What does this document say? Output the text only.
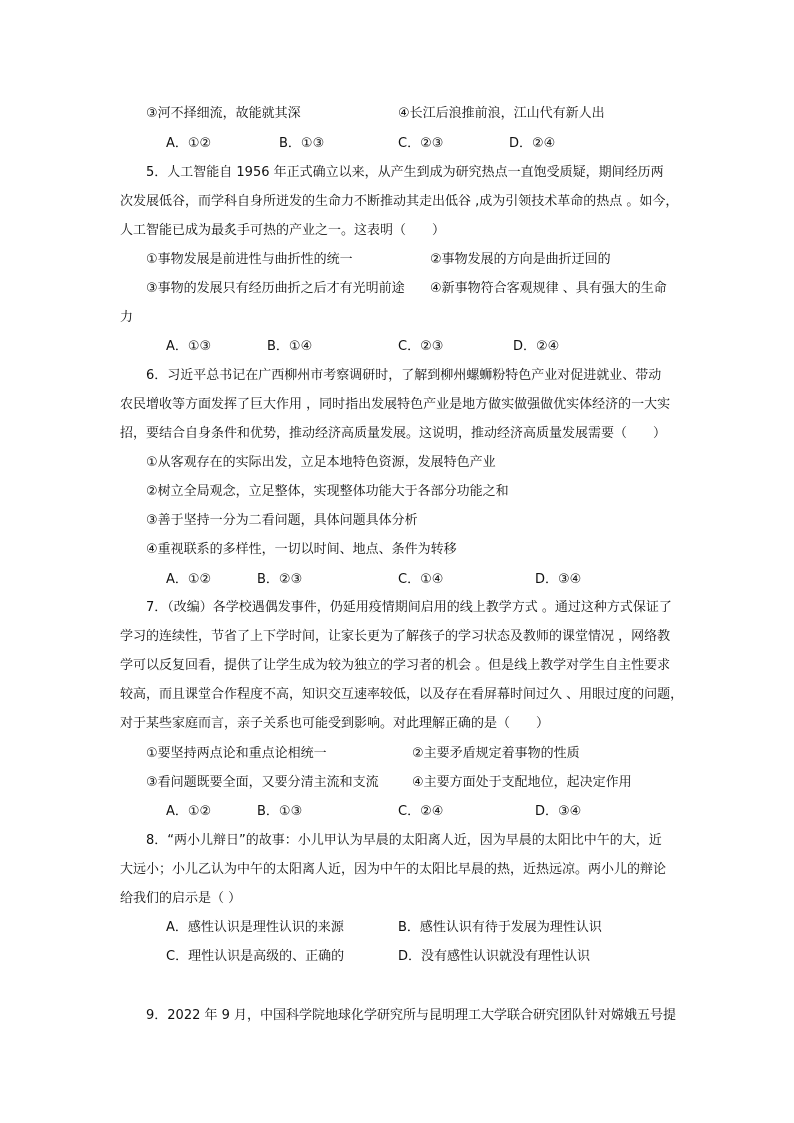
③河不择细流，故能就其深	④长江后浪推前浪，江山代有新人出
A．①②	B．①③	C．②③	D．②④
5．人工智能自 1956 年正式确立以来，从产生到成为研究热点一直饱受质疑，期间经历两
次发展低谷，而学科自身所迸发的生命力不断推动其走出低谷 ,成为引领技术革命的热点 。如今，
人工智能已成为最炙手可热的产业之一。这表明（　　）
①事物发展是前进性与曲折性的统一	②事物发展的方向是曲折迂回的
③事物的发展只有经历曲折之后才有光明前途 ④新事物符合客观规律 、具有强大的生命
力
A．①③	B．①④	C．②③	D．②④
6．习近平总书记在广西柳州市考察调研时，了解到柳州螺蛳粉特色产业对促进就业、带动
农民增收等方面发挥了巨大作用 ，同时指出发展特色产业是地方做实做强做优实体经济的一大实
招，要结合自身条件和优势，推动经济高质量发展。这说明，推动经济高质量发展需要（　　）
①从客观存在的实际出发，立足本地特色资源，发展特色产业
②树立全局观念，立足整体，实现整体功能大于各部分功能之和
③善于坚持一分为二看问题，具体问题具体分析
④重视联系的多样性，一切以时间、地点、条件为转移
A．①②	B．②③	C．①④	D．③④
7．（改编）各学校遇偶发事件，仍延用疫情期间启用的线上教学方式 。通过这种方式保证了
学习的连续性，节省了上下学时间，让家长更为了解孩子的学习状态及教师的课堂情况 ，网络教
学可以反复回看，提供了让学生成为较为独立的学习者的机会 。但是线上教学对学生自主性要求
较高，而且课堂合作程度不高，知识交互速率较低，以及存在看屏幕时间过久 、用眼过度的问题，
对于某些家庭而言，亲子关系也可能受到影响。对此理解正确的是（　　）
①要坚持两点论和重点论相统一	②主要矛盾规定着事物的性质
③看问题既要全面，又要分清主流和支流	④主要方面处于支配地位，起决定作用
A．①②	B．①③	C．②④	D．③④
8．“两小儿辩日”的故事：小儿甲认为早晨的太阳离人近，因为早晨的太阳比中午的大，近
大远小；小儿乙认为中午的太阳离人近，因为中午的太阳比早晨的热，近热远凉。两小儿的辩论
给我们的启示是（ ）
A．感性认识是理性认识的来源	B．感性认识有待于发展为理性认识
C．理性认识是高级的、正确的	D．没有感性认识就没有理性认识
9．2022 年 9 月，中国科学院地球化学研究所与昆明理工大学联合研究团队针对嫦娥五号提
